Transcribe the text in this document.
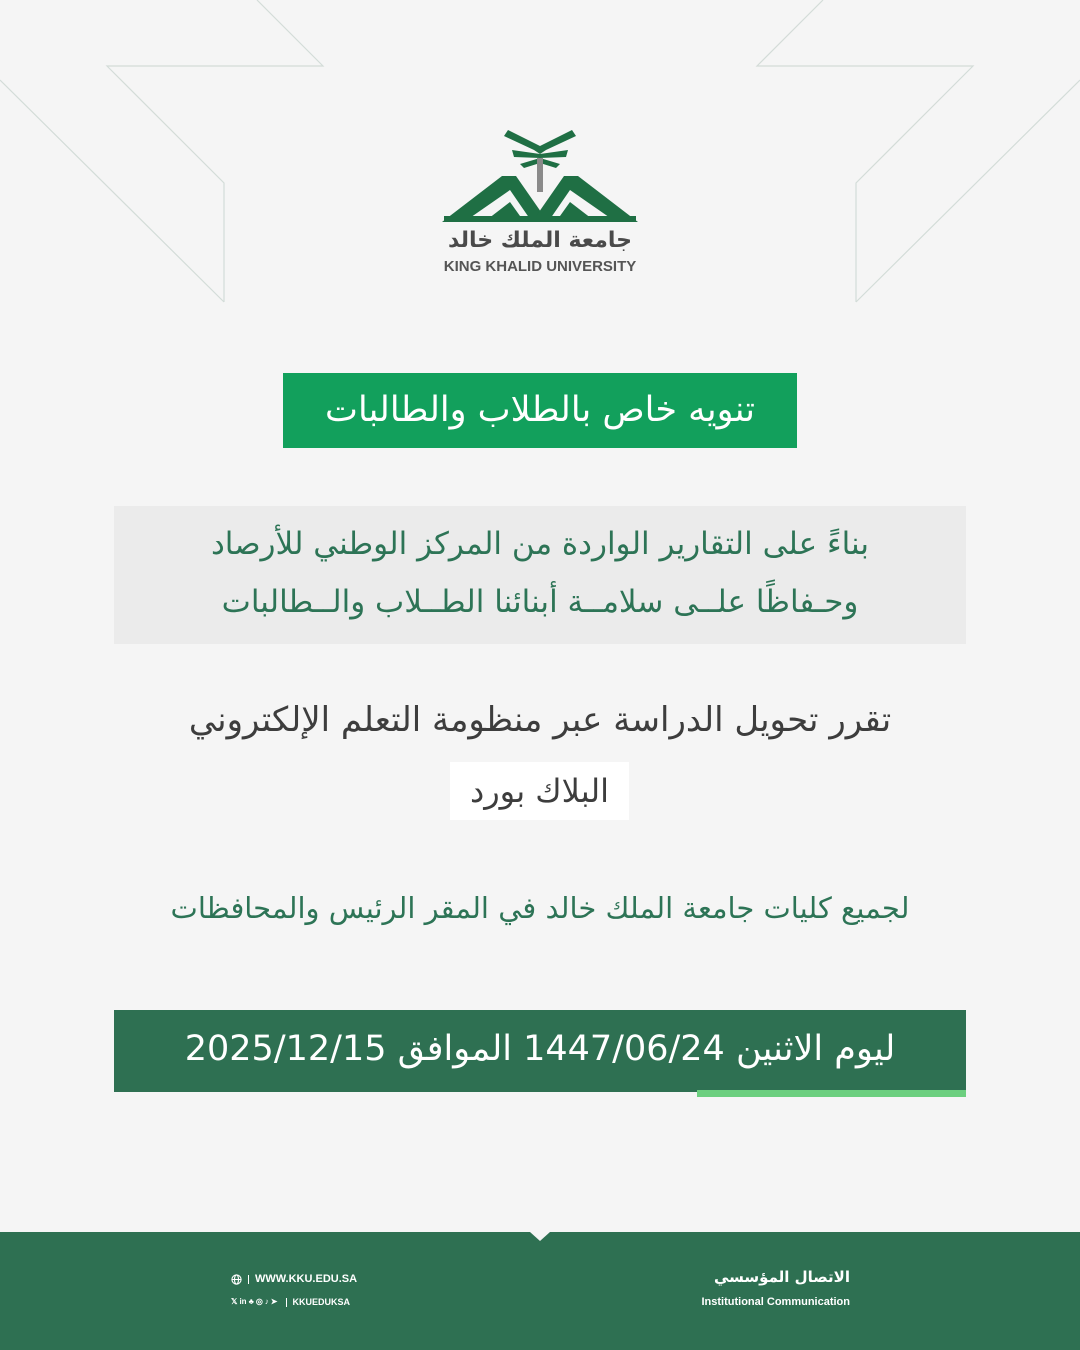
جامعة الملك خالد
KING KHALID UNIVERSITY
تنويه خاص بالطلاب والطالبات
بناءً على التقارير الواردة من المركز الوطني للأرصاد
وحـفاظًا علــى سلامــة أبنائنا الطــلاب والــطالبات
تقرر تحويل الدراسة عبر منظومة التعلم الإلكتروني
البلاك بورد
لجميع كليات جامعة الملك خالد في المقر الرئيس والمحافظات
ليوم الاثنين 1447/06/24 الموافق 2025/12/15
الاتصال المؤسسي
Institutional Communication
WWW.KKU.EDU.SA
𝕏 in ♣ ◎ ♪ ➤ KKUEDUKSA
